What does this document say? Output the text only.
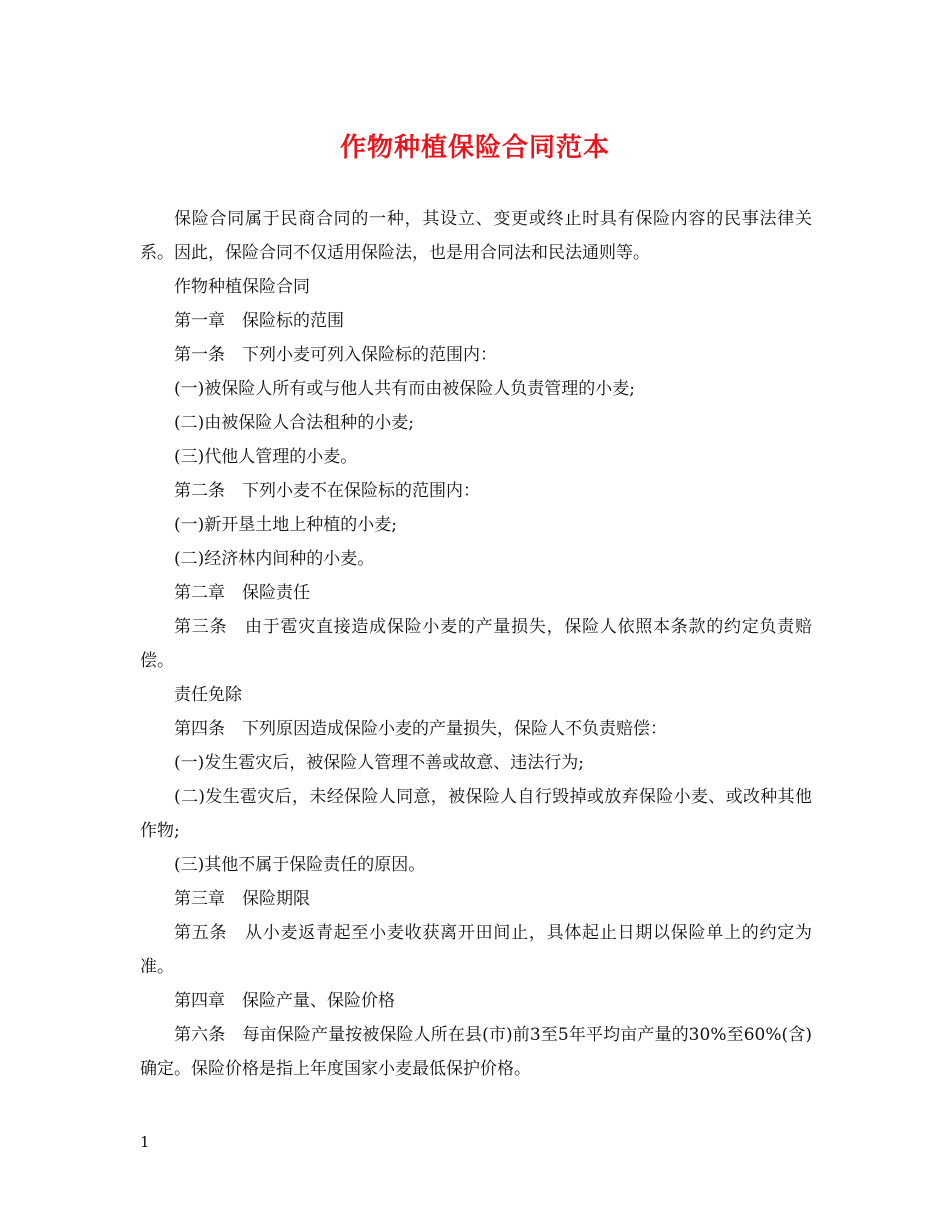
作物种植保险合同范本

保险合同属于民商合同的一种，其设立、变更或终止时具有保险内容的民事法律关系。因此，保险合同不仅适用保险法，也是用合同法和民法通则等。

作物种植保险合同

第一章　保险标的范围

第一条　下列小麦可列入保险标的范围内：

(一)被保险人所有或与他人共有而由被保险人负责管理的小麦;

(二)由被保险人合法租种的小麦;

(三)代他人管理的小麦。

第二条　下列小麦不在保险标的范围内：

(一)新开垦土地上种植的小麦;

(二)经济林内间种的小麦。

第二章　保险责任

第三条　由于雹灾直接造成保险小麦的产量损失，保险人依照本条款的约定负责赔偿。

责任免除

第四条　下列原因造成保险小麦的产量损失，保险人不负责赔偿：

(一)发生雹灾后，被保险人管理不善或故意、违法行为;

(二)发生雹灾后，未经保险人同意，被保险人自行毁掉或放弃保险小麦、或改种其他作物;

(三)其他不属于保险责任的原因。

第三章　保险期限

第五条　从小麦返青起至小麦收获离开田间止，具体起止日期以保险单上的约定为准。

第四章　保险产量、保险价格

第六条　每亩保险产量按被保险人所在县(市)前3至5年平均亩产量的30%至60%(含)确定。保险价格是指上年度国家小麦最低保护价格。

1
